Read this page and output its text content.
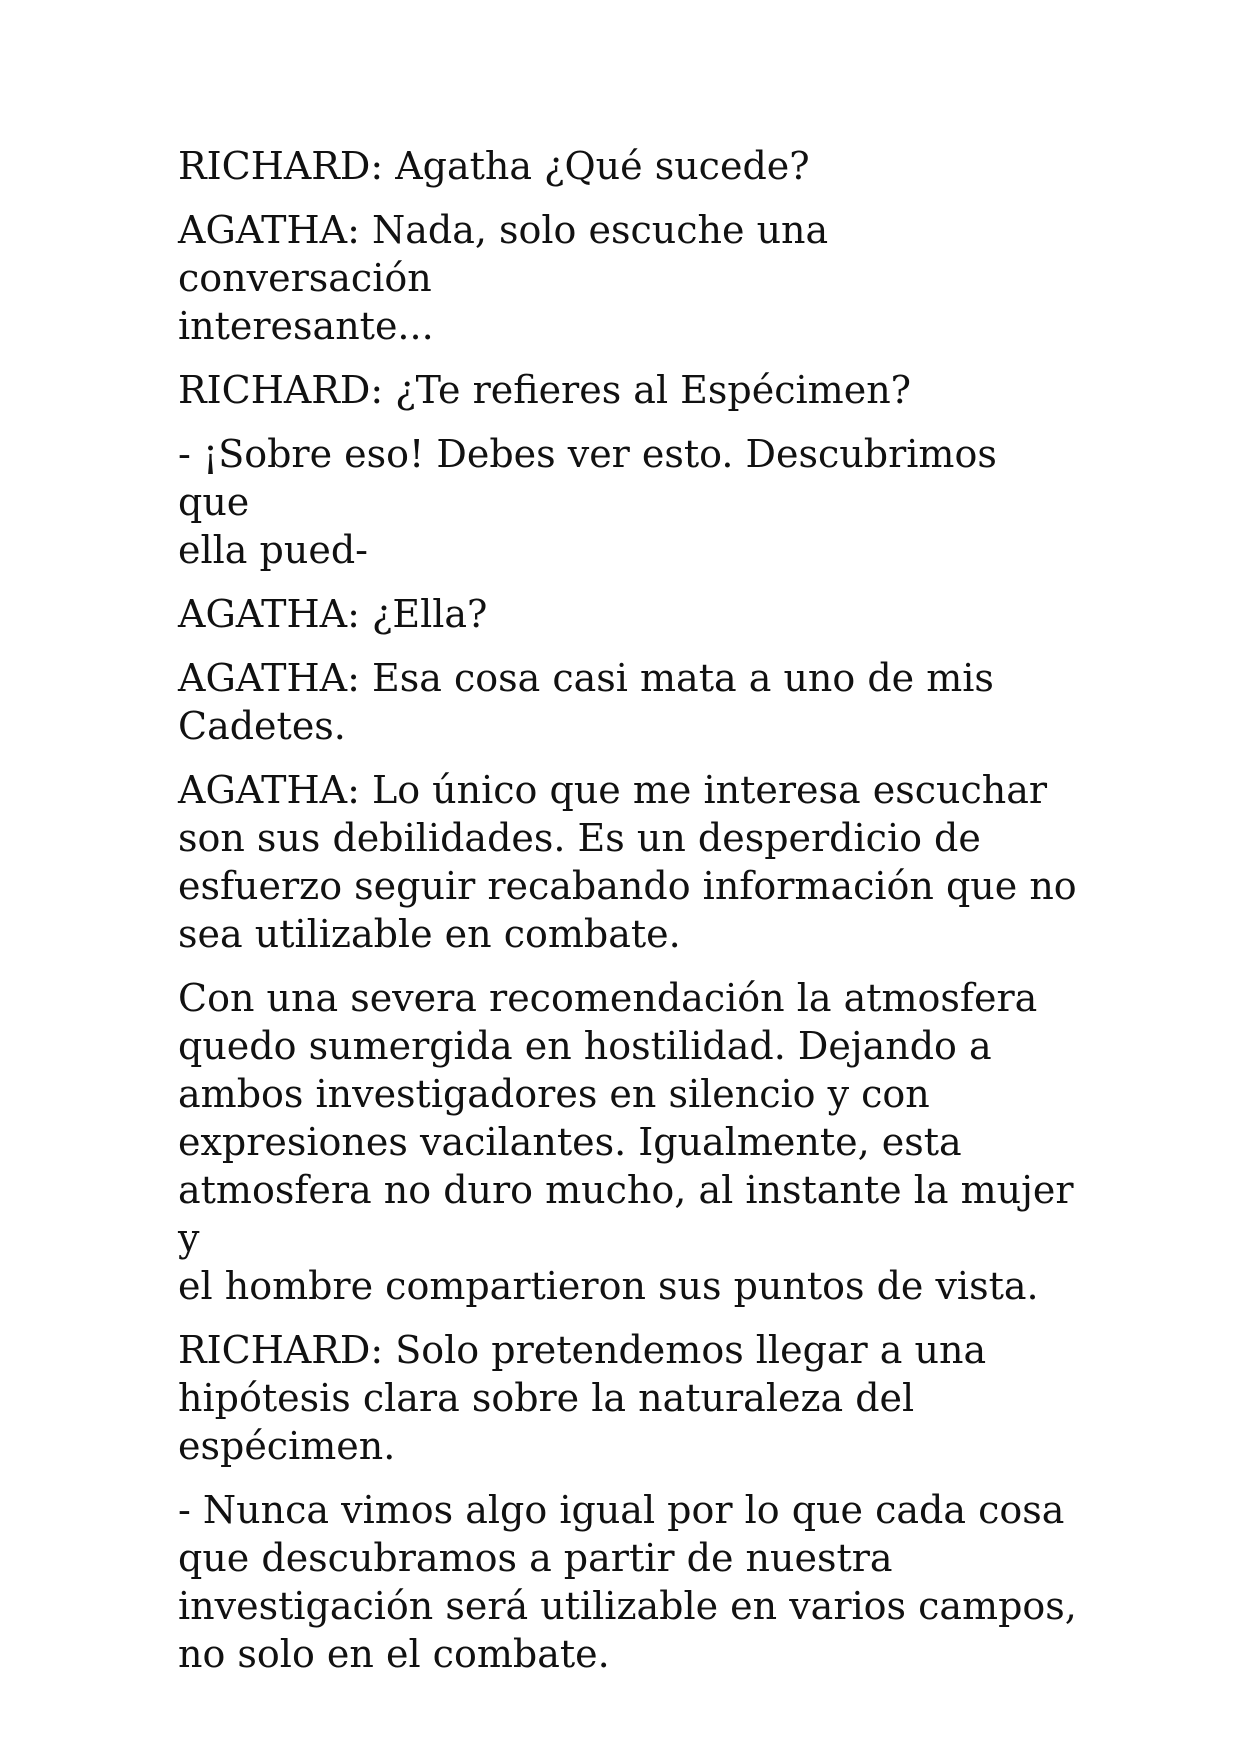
RICHARD: Agatha ¿Qué sucede?

AGATHA: Nada, solo escuche una conversación
interesante...

RICHARD: ¿Te refieres al Espécimen?

- ¡Sobre eso! Debes ver esto. Descubrimos que
ella pued-

AGATHA: ¿Ella?

AGATHA: Esa cosa casi mata a uno de mis
Cadetes.

AGATHA: Lo único que me interesa escuchar
son sus debilidades. Es un desperdicio de
esfuerzo seguir recabando información que no
sea utilizable en combate.

Con una severa recomendación la atmosfera
quedo sumergida en hostilidad. Dejando a
ambos investigadores en silencio y con
expresiones vacilantes. Igualmente, esta
atmosfera no duro mucho, al instante la mujer y
el hombre compartieron sus puntos de vista.

RICHARD: Solo pretendemos llegar a una
hipótesis clara sobre la naturaleza del
espécimen.

- Nunca vimos algo igual por lo que cada cosa
que descubramos a partir de nuestra
investigación será utilizable en varios campos,
no solo en el combate.
